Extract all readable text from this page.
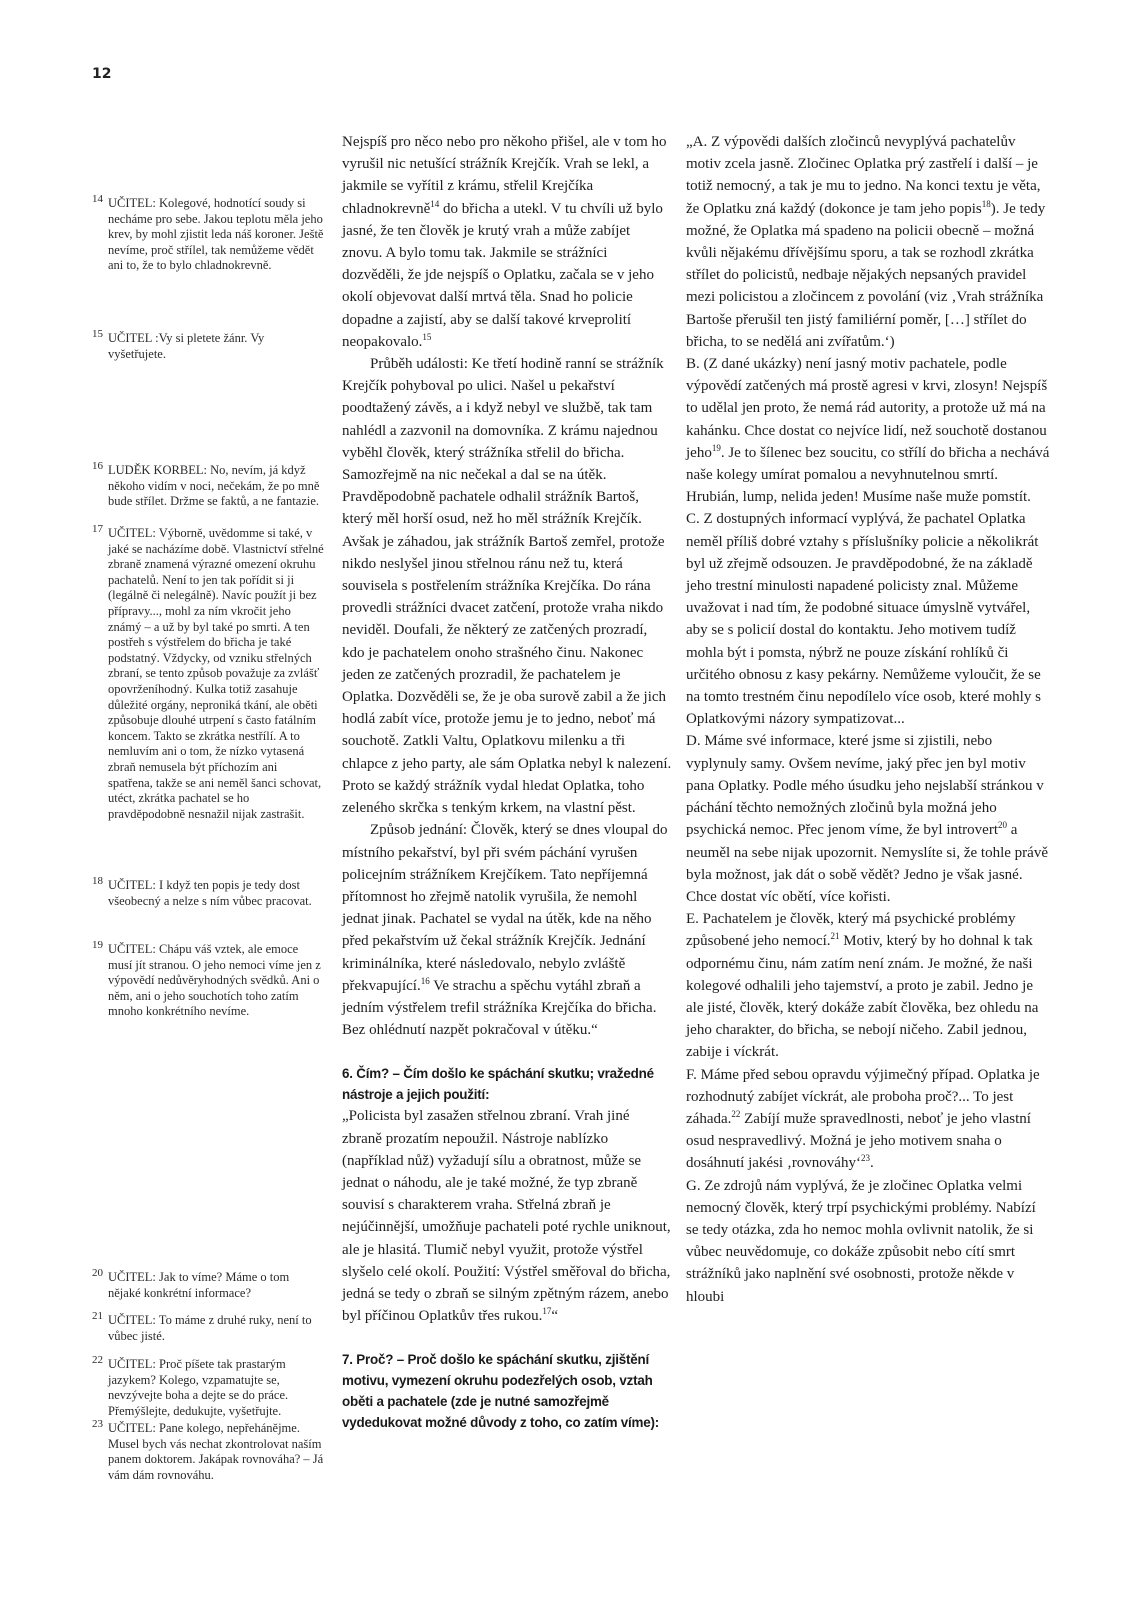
12
14 UČITEL: Kolegové, hodnotící soudy si necháme pro sebe. Jakou teplotu měla jeho krev, by mohl zjistit leda náš koroner. Ještě nevíme, proč střílel, tak nemůžeme vědět ani to, že to bylo chladnokrevně.
15 UČITEL :Vy si pletete žánr. Vy vyšetřujete.
16 LUDĚK KORBEL: No, nevím, já když někoho vidím v noci, nečekám, že po mně bude střílet. Držme se faktů, a ne fantazie.
17 UČITEL: Výborně, uvědomme si také, v jaké se nacházíme době. Vlastnictví střelné zbraně znamená výrazné omezení okruhu pachatelů. Není to jen tak pořídit si ji (legálně či nelegálně). Navíc použít ji bez přípravy..., mohl za ním vkročit jeho známý – a už by byl také po smrti. A ten postřeh s výstřelem do břicha je také podstatný. Vždycky, od vzniku střelných zbraní, se tento způsob považuje za zvlášť opovrženíhodný. Kulka totiž zasahuje důležité orgány, neproniká tkání, ale oběti způsobuje dlouhé utrpení s často fatálním koncem. Takto se zkrátka nestřílí. A to nemluvím ani o tom, že nízko vytasená zbraň nemusela být příchozím ani spatřena, takže se ani neměl šanci schovat, utéct, zkrátka pachatel se ho pravděpodobně nesnažil nijak zastrašit.
18 UČITEL: I když ten popis je tedy dost všeobecný a nelze s ním vůbec pracovat.
19 UČITEL: Chápu váš vztek, ale emoce musí jít stranou. O jeho nemoci víme jen z výpovědí nedůvěryhodných svědků. Ani o něm, ani o jeho souchotích toho zatím mnoho konkrétního nevíme.
20 UČITEL: Jak to víme? Máme o tom nějaké konkrétní informace?
21 UČITEL: To máme z druhé ruky, není to vůbec jisté.
22 UČITEL: Proč píšete tak prastarým jazykem? Kolego, vzpamatujte se, nevzývejte boha a dejte se do práce. Přemýšlejte, dedukujte, vyšetřujte.
23 UČITEL: Pane kolego, nepřeháněјme. Musel bych vás nechat zkontrolovat naším panem doktorem. Jakápak rovnováha? – Já vám dám rovnováhu.

Nejspíš pro něco nebo pro někoho přišel, ale v tom ho vyrušil nic netušící strážník Krejčík. Vrah se lekl, a jakmile se vyřítil z krámu, střelil Krejčíka chladnokrevně$^{14}$ do břicha a utekl. V tu chvíli už bylo jasné, že ten člověk je krutý vrah a může zabíjet znovu. A bylo tomu tak. Jakmile se strážníci dozvěděli, že jde nejspíš o Oplatku, začala se v jeho okolí objevovat další mrtvá těla. Snad ho policie dopadne a zajistí, aby se další takové krveprolití neopakovalo.$^{15}$

Průběh události: Ke třetí hodině ranní se strážník Krejčík pohyboval po ulici. Našel u pekařství poodtažený závěs, a i když nebyl ve službě, tak tam nahlédl a zazvonil na domovníka. Z krámu najednou vyběhl člověk, který strážníka střelil do břicha. Samozřejmě na nic nečekal a dal se na útěk. Pravděpodobně pachatele odhalil strážník Bartoš, který měl horší osud, než ho měl strážník Krejčík. Avšak je záhadou, jak strážník Bartoš zemřel, protože nikdo neslyšel jinou střelnou ránu než tu, která souvisela s postřelením strážníka Krejčíka. Do rána provedli strážníci dvacet zatčení, protože vraha nikdo neviděl. Doufali, že některý ze zatčených prozradí, kdo je pachatelem onoho strašného činu. Nakonec jeden ze zatčených prozradil, že pachatelem je Oplatka. Dozvěděli se, že je oba surově zabil a že jich hodlá zabít více, protože jemu je to jedno, neboť má souchotě. Zatkli Valtu, Oplatkovu milenku a tři chlapce z jeho party, ale sám Oplatka nebyl k nalezení. Proto se každý strážník vydal hledat Oplatka, toho zeleného skrčka s tenkým krkem, na vlastní pěst.

Způsob jednání: Člověk, který se dnes vloupal do místního pekařství, byl při svém páchání vyrušen policejním strážníkem Krejčíkem. Tato nepříjemná přítomnost ho zřejmě natolik vyrušila, že nemohl jednat jinak. Pachatel se vydal na útěk, kde na něho před pekařstvím už čekal strážník Krejčík. Jednání kriminálníka, které následovalo, nebylo zvláště překvapující.$^{16}$ Ve strachu a spěchu vytáhl zbraň a jedním výstřelem trefil strážníka Krejčíka do břicha. Bez ohlédnutí nazpět pokračoval v útěku.“

6. Čím? – Čím došlo ke spáchání skutku; vražedné nástroje a jejich použití:

„Policista byl zasažen střelnou zbraní. Vrah jiné zbraně prozatím nepoužil. Nástroje nablízko (například nůž) vyžadují sílu a obratnost, může se jednat o náhodu, ale je také možné, že typ zbraně souvisí s charakterem vraha. Střelná zbraň je nejúčinnější, umožňuje pachateli poté rychle uniknout, ale je hlasitá. Tlumič nebyl využit, protože výstřel slyšelo celé okolí. Použití: Výstřel směřoval do břicha, jedná se tedy o zbraň se silným zpětným rázem, anebo byl příčinou Oplatkův třes rukou.$^{17}$“

7. Proč? – Proč došlo ke spáchání skutku, zjištění motivu, vymezení okruhu podezřelých osob, vztah oběti a pachatele (zde je nutné samozřejmě vydedukovat možné důvody z toho, co zatím víme):

„A. Z výpovědi dalších zločinců nevyplývá pachatelův motiv zcela jasně. Zločinec Oplatka prý zastřelí i další – je totiž nemocný, a tak je mu to jedno. Na konci textu je věta, že Oplatku zná každý (dokonce je tam jeho popis$^{18}$). Je tedy možné, že Oplatka má spadeno na policii obecně – možná kvůli nějakému dřívějšímu sporu, a tak se rozhodl zkrátka střílet do policistů, nedbaje nějakých nepsaných pravidel mezi policistou a zločincem z povolání (viz ‚Vrah strážníka Bartoše přerušil ten jistý familiérní poměr, […] střílet do břicha, to se nedělá ani zvířatům.‘)

B. (Z dané ukázky) není jasný motiv pachatele, podle výpovědí zatčených má prostě agresi v krvi, zlosyn! Nejspíš to udělal jen proto, že nemá rád autority, a protože už má na kahánku. Chce dostat co nejvíce lidí, než souchotě dostanou jeho$^{19}$. Je to šílenec bez soucitu, co střílí do břicha a nechává naše kolegy umírat pomalou a nevyhnutelnou smrtí. Hrubián, lump, nelida jeden! Musíme naše muže pomstít.

C. Z dostupných informací vyplývá, že pachatel Oplatka neměl příliš dobré vztahy s příslušníky policie a několikrát byl už zřejmě odsouzen. Je pravděpodobné, že na základě jeho trestní minulosti napadené policisty znal. Můžeme uvažovat i nad tím, že podobné situace úmyslně vytvářel, aby se s policií dostal do kontaktu. Jeho motivem tudíž mohla být i pomsta, nýbrž ne pouze získání rohlíků či určitého obnosu z kasy pekárny. Nemůžeme vyloučit, že se na tomto trestném činu nepodílelo více osob, které mohly s Oplatkovými názory sympatizovat...

D. Máme své informace, které jsme si zjistili, nebo vyplynuly samy. Ovšem nevíme, jaký přec jen byl motiv pana Oplatky. Podle mého úsudku jeho nejslabší stránkou v páchání těchto nemožných zločinů byla možná jeho psychická nemoc. Přec jenom víme, že byl introvert$^{20}$ a neuměl na sebe nijak upozornit. Nemyslíte si, že tohle právě byla možnost, jak dát o sobě vědět? Jedno je však jasné. Chce dostat víc obětí, více kořisti.

E. Pachatelem je člověk, který má psychické problémy způsobené jeho nemocí.$^{21}$ Motiv, který by ho dohnal k tak odpornému činu, nám zatím není znám. Je možné, že naši kolegové odhalili jeho tajemství, a proto je zabil. Jedno je ale jisté, člověk, který dokáže zabít člověka, bez ohledu na jeho charakter, do břicha, se nebojí ničeho. Zabil jednou, zabije i víckrát.

F. Máme před sebou opravdu výjimečný případ. Oplatka je rozhodnutý zabíjet víckrát, ale proboha proč?... To jest záhada.$^{22}$ Zabíjí muže spravedlnosti, neboť je jeho vlastní osud nespravedlivý. Možná je jeho motivem snaha o dosáhnutí jakési ‚rovnováhy‘$^{23}$.

G. Ze zdrojů nám vyplývá, že je zločinec Oplatka velmi nemocný člověk, který trpí psychickými problémy. Nabízí se tedy otázka, zda ho nemoc mohla ovlivnit natolik, že si vůbec neuvědomuje, co dokáže způsobit nebo cítí smrt strážníků jako naplnění své osobnosti, protože někde v hloubi
